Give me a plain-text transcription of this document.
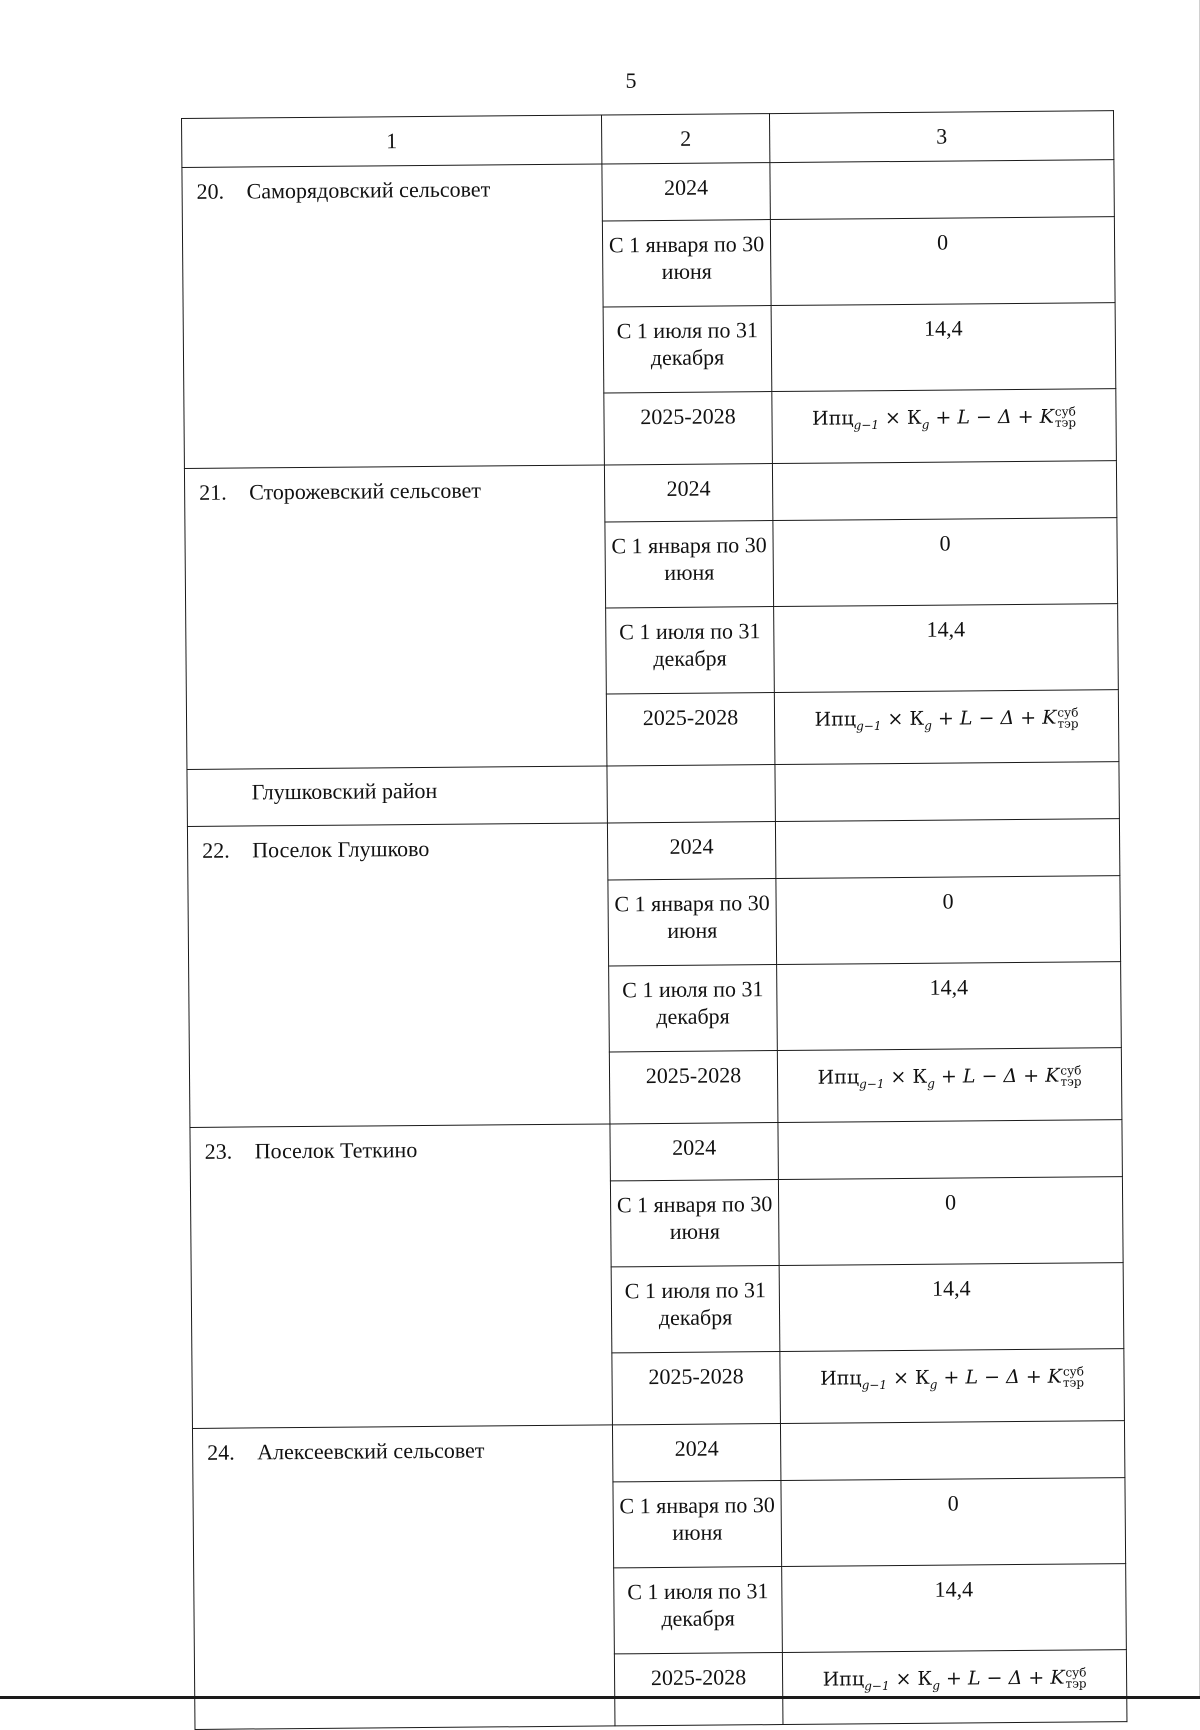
5
1	2	3
20. Саморядовский сельсовет	2024	
	С 1 января по 30 июня	0
	С 1 июля по 31 декабря	14,4
	2025-2028	$Ипц_{g-1} \times К_g + L - \Delta + K$ суб
тэр

21. Сторожевский сельсовет	2024	
	С 1 января по 30 июня	0
	С 1 июля по 31 декабря	14,4
	2025-2028	$Ипц_{g-1} \times К_g + L - \Delta + K$ суб
тэр

Глушковский район		
22. Поселок Глушково	2024	
	С 1 января по 30 июня	0
	С 1 июля по 31 декабря	14,4
	2025-2028	$Ипц_{g-1} \times К_g + L - \Delta + K$ суб
тэр

23. Поселок Теткино	2024	
	С 1 января по 30 июня	0
	С 1 июля по 31 декабря	14,4
	2025-2028	$Ипц_{g-1} \times К_g + L - \Delta + K$ суб
тэр

24. Алексеевский сельсовет	2024	
	С 1 января по 30 июня	0
	С 1 июля по 31 декабря	14,4
	2025-2028	$Ипц_{g-1} \times К_g + L - \Delta + K$ суб
тэр
